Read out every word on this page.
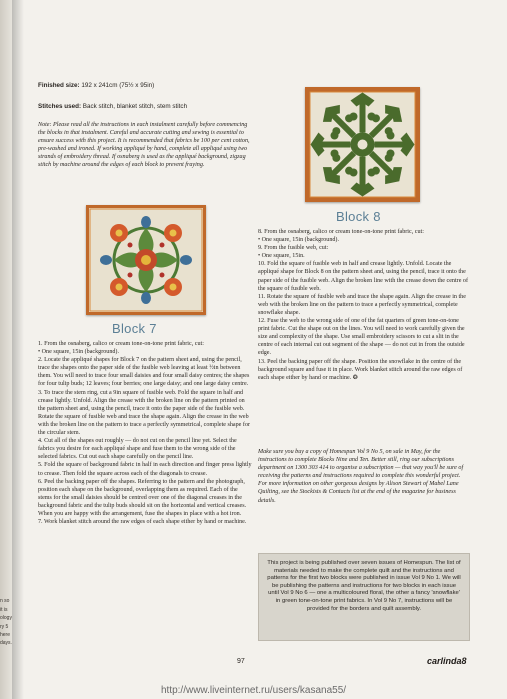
n so
it is
ology
ry 5
here
days.
Finished size: 192 x 241cm (75½ x 95in)
Stitches used: Back stitch, blanket stitch, stem stitch

Note: Please read all the instructions in each instalment carefully before commencing the blocks in that instalment. Careful and accurate cutting and sewing is essential to ensure success with this project. It is recommended that fabrics be 100 per cent cotton, pre-washed and ironed. If working appliqué by hand, complete all appliqué using two strands of embroidery thread. If osnaberg is used as the appliqué background, zigzag stitch by machine around the edges of each block to prevent fraying.

Block 7

1. From the osnaberg, calico or cream tone-on-tone print fabric, cut:

• One square, 15in (background).

2. Locate the appliqué shapes for Block 7 on the pattern sheet and, using the pencil, trace the shapes onto the paper side of the fusible web leaving at least ½in between them. You will need to trace four small daisies and four small daisy centres; the shapes for four tulip buds; 12 leaves; four berries; one large daisy; and one large daisy centre.

3. To trace the stem ring, cut a 9in square of fusible web. Fold the square in half and crease lightly. Unfold. Align the crease with the broken line on the pattern printed on the pattern sheet and, using the pencil, trace it onto the paper side of the fusible web. Rotate the square of fusible web and trace the shape again. Align the crease in the web with the broken line on the pattern to trace a perfectly symmetrical, complete shape for the circular stem.

4. Cut all of the shapes out roughly — do not cut on the pencil line yet. Select the fabrics you desire for each appliqué shape and fuse them to the wrong side of the selected fabrics. Cut out each shape carefully on the pencil line.

5. Fold the square of background fabric in half in each direction and finger press lightly to crease. Then fold the square across each of the diagonals to crease.

6. Peel the backing paper off the shapes. Referring to the pattern and the photograph, position each shape on the background, overlapping them as required. Each of the stems for the small daisies should be centred over one of the diagonal creases in the background fabric and the tulip buds should sit on the horizontal and vertical creases. When you are happy with the arrangement, fuse the shapes in place with a hot iron.

7. Work blanket stitch around the raw edges of each shape either by hand or machine.

Block 8

8. From the osnaberg, calico or cream tone-on-tone print fabric, cut:

• One square, 15in (background).

9. From the fusible web, cut:

• One square, 15in.

10. Fold the square of fusible web in half and crease lightly. Unfold. Locate the appliqué shape for Block 8 on the pattern sheet and, using the pencil, trace it onto the paper side of the fusible web. Align the broken line with the crease down the centre of the square of fusible web.

11. Rotate the square of fusible web and trace the shape again. Align the crease in the web with the broken line on the pattern to trace a perfectly symmetrical, complete snowflake shape.

12. Fuse the web to the wrong side of one of the fat quarters of green tone-on-tone print fabric. Cut the shape out on the lines. You will need to work carefully given the size and complexity of the shape. Use small embroidery scissors to cut a slit in the centre of each internal cut out segment of the shape — do not cut in from the outside edge.

13. Peel the backing paper off the shape. Position the snowflake in the centre of the background square and fuse it in place. Work blanket stitch around the raw edges of each shape either by hand or machine. ❂

Make sure you buy a copy of Homespun Vol 9 No 5, on sale in May, for the instructions to complete Blocks Nine and Ten. Better still, ring our subscriptions department on 1300 303 414 to organise a subscription — that way you'll be sure of receiving the patterns and instructions required to complete this wonderful project. For more information on other gorgeous designs by Alison Stewart of Mabel Lane Quilting, see the Stockists & Contacts list at the end of the magazine for business details.

This project is being published over seven issues of Homespun. The list of materials needed to make the complete quilt and the instructions and patterns for the first two blocks were published in issue Vol 9 No 1. We will be publishing the patterns and instructions for two blocks in each issue until Vol 9 No 6 — one a multicoloured floral, the other a fancy 'snowflake' in green tone-on-tone print fabrics. In Vol 9 No 7, instructions will be provided for the borders and quilt assembly.
97	сarlinda8
http://www.liveinternet.ru/users/kasana55/
